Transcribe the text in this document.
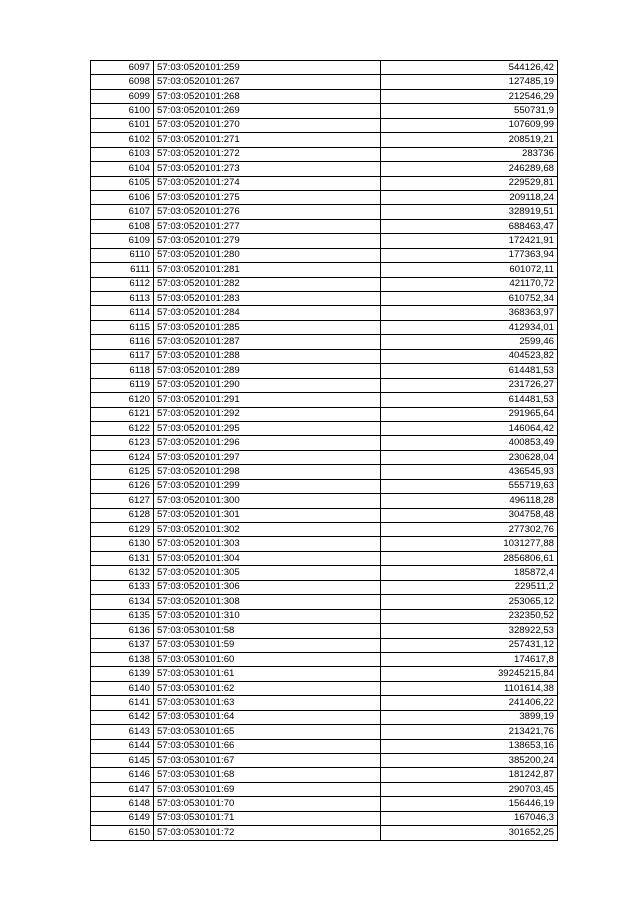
6097	57:03:0520101:259	544126,42
6098	57:03:0520101:267	127485,19
6099	57:03:0520101:268	212546,29
6100	57:03:0520101:269	550731,9
6101	57:03:0520101:270	107609,99
6102	57:03:0520101:271	208519,21
6103	57:03:0520101:272	283736
6104	57:03:0520101:273	246289,68
6105	57:03:0520101:274	229529,81
6106	57:03:0520101:275	209118,24
6107	57:03:0520101:276	328919,51
6108	57:03:0520101:277	688463,47
6109	57:03:0520101:279	172421,91
6110	57:03:0520101:280	177363,94
6111	57:03:0520101:281	601072,11
6112	57:03:0520101:282	421170,72
6113	57:03:0520101:283	610752,34
6114	57:03:0520101:284	368363,97
6115	57:03:0520101:285	412934,01
6116	57:03:0520101:287	2599,46
6117	57:03:0520101:288	404523,82
6118	57:03:0520101:289	614481,53
6119	57:03:0520101:290	231726,27
6120	57:03:0520101:291	614481,53
6121	57:03:0520101:292	291965,64
6122	57:03:0520101:295	146064,42
6123	57:03:0520101:296	400853,49
6124	57:03:0520101:297	230628,04
6125	57:03:0520101:298	436545,93
6126	57:03:0520101:299	555719,63
6127	57:03:0520101:300	496118,28
6128	57:03:0520101:301	304758,48
6129	57:03:0520101:302	277302,76
6130	57:03:0520101:303	1031277,88
6131	57:03:0520101:304	2856806,61
6132	57:03:0520101:305	185872,4
6133	57:03:0520101:306	229511,2
6134	57:03:0520101:308	253065,12
6135	57:03:0520101:310	232350,52
6136	57:03:0530101:58	328922,53
6137	57:03:0530101:59	257431,12
6138	57:03:0530101:60	174617,8
6139	57:03:0530101:61	39245215,84
6140	57:03:0530101:62	1101614,38
6141	57:03:0530101:63	241406,22
6142	57:03:0530101:64	3899,19
6143	57:03:0530101:65	213421,76
6144	57:03:0530101:66	138653,16
6145	57:03:0530101:67	385200,24
6146	57:03:0530101:68	181242,87
6147	57:03:0530101:69	290703,45
6148	57:03:0530101:70	156446,19
6149	57:03:0530101:71	167046,3
6150	57:03:0530101:72	301652,25
